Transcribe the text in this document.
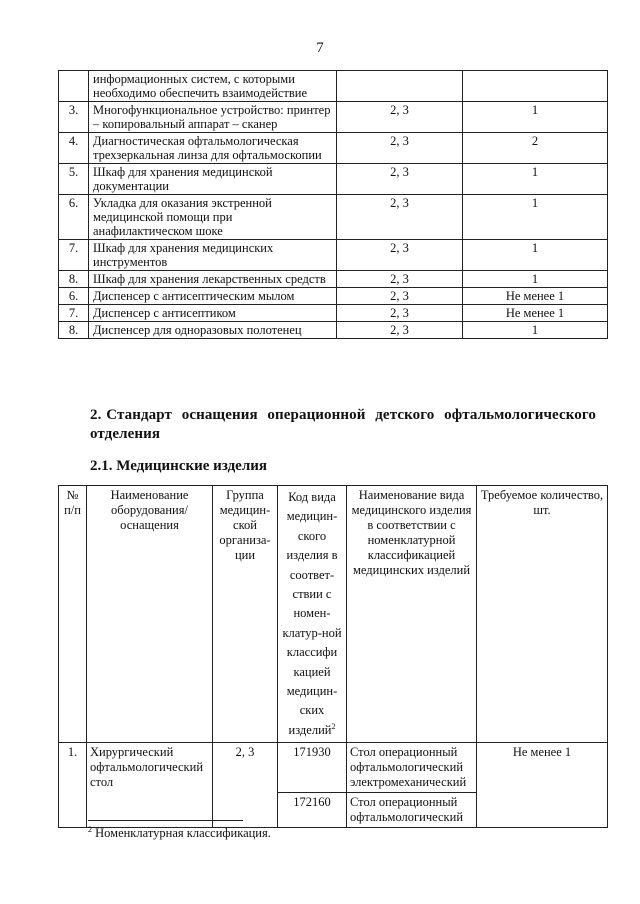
7
	информационных систем, с которыми необходимо обеспечить взаимодействие		
3.	Многофункциональное устройство: принтер – копировальный аппарат – сканер	2, 3	1
4.	Диагностическая офтальмологическая трехзеркальная линза для офтальмоскопии	2, 3	2
5.	Шкаф для хранения медицинской документации	2, 3	1
6.	Укладка для оказания экстренной медицинской помощи при анафилактическом шоке	2, 3	1
7.	Шкаф для хранения медицинских инструментов	2, 3	1
8.	Шкаф для хранения лекарственных средств	2, 3	1
6.	Диспенсер с антисептическим мылом	2, 3	Не менее 1
7.	Диспенсер с антисептиком	2, 3	Не менее 1
8.	Диспенсер для одноразовых полотенец	2, 3	1
2. Стандарт оснащения операционной детского офтальмологического отделения
2.1. Медицинские изделия
№ п/п	Наименование оборудования/ оснащения	Группа медицин-ской организа-ции	Код вида медицин-ского изделия в соответ-ствии с номен-клатур-ной классифи кацией медицин-ских изделий$^2$	Наименование вида медицинского изделия в соответствии с номенклатурной классификацией медицинских изделий	Требуемое количество, шт.
1.	Хирургический офтальмологический стол	2, 3	171930	Стол операционный офтальмологический электромеханический	Не менее 1
			172160	Стол операционный офтальмологический	
$^2$ Номенклатурная классификация.
